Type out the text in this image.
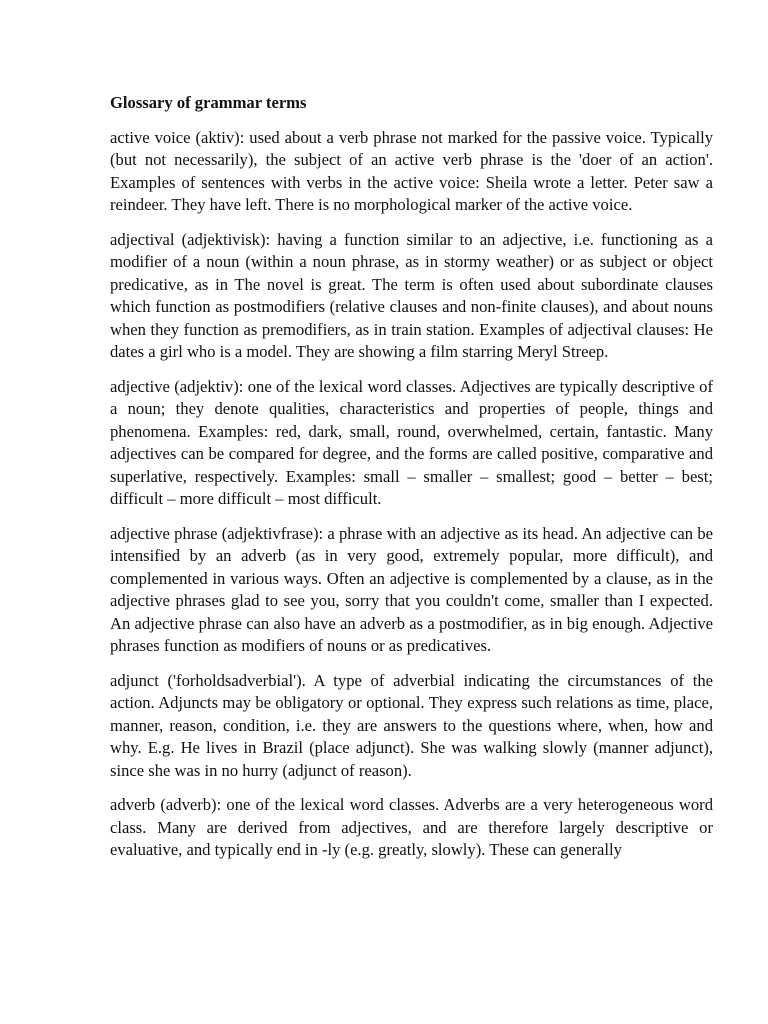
Glossary of grammar terms

active voice (aktiv): used about a verb phrase not marked for the passive voice. Typically (but not necessarily), the subject of an active verb phrase is the 'doer of an action'. Examples of sentences with verbs in the active voice: Sheila wrote a letter. Peter saw a reindeer. They have left. There is no morphological marker of the active voice.

adjectival (adjektivisk): having a function similar to an adjective, i.e. functioning as a modifier of a noun (within a noun phrase, as in stormy weather) or as subject or object predicative, as in The novel is great. The term is often used about subordinate clauses which function as postmodifiers (relative clauses and non-finite clauses), and about nouns when they function as premodifiers, as in train station. Examples of adjectival clauses: He dates a girl who is a model. They are showing a film starring Meryl Streep.

adjective (adjektiv): one of the lexical word classes. Adjectives are typically descriptive of a noun; they denote qualities, characteristics and properties of people, things and phenomena. Examples: red, dark, small, round, overwhelmed, certain, fantastic. Many adjectives can be compared for degree, and the forms are called positive, comparative and superlative, respectively. Examples: small – smaller – smallest; good – better – best; difficult – more difficult – most difficult.

adjective phrase (adjektivfrase): a phrase with an adjective as its head. An adjective can be intensified by an adverb (as in very good, extremely popular, more difficult), and complemented in various ways. Often an adjective is complemented by a clause, as in the adjective phrases glad to see you, sorry that you couldn't come, smaller than I expected. An adjective phrase can also have an adverb as a postmodifier, as in big enough. Adjective phrases function as modifiers of nouns or as predicatives.

adjunct ('forholdsadverbial'). A type of adverbial indicating the circumstances of the action. Adjuncts may be obligatory or optional. They express such relations as time, place, manner, reason, condition, i.e. they are answers to the questions where, when, how and why. E.g. He lives in Brazil (place adjunct). She was walking slowly (manner adjunct), since she was in no hurry (adjunct of reason).

adverb (adverb): one of the lexical word classes. Adverbs are a very heterogeneous word class. Many are derived from adjectives, and are therefore largely descriptive or evaluative, and typically end in -ly (e.g. greatly, slowly). These can generally
